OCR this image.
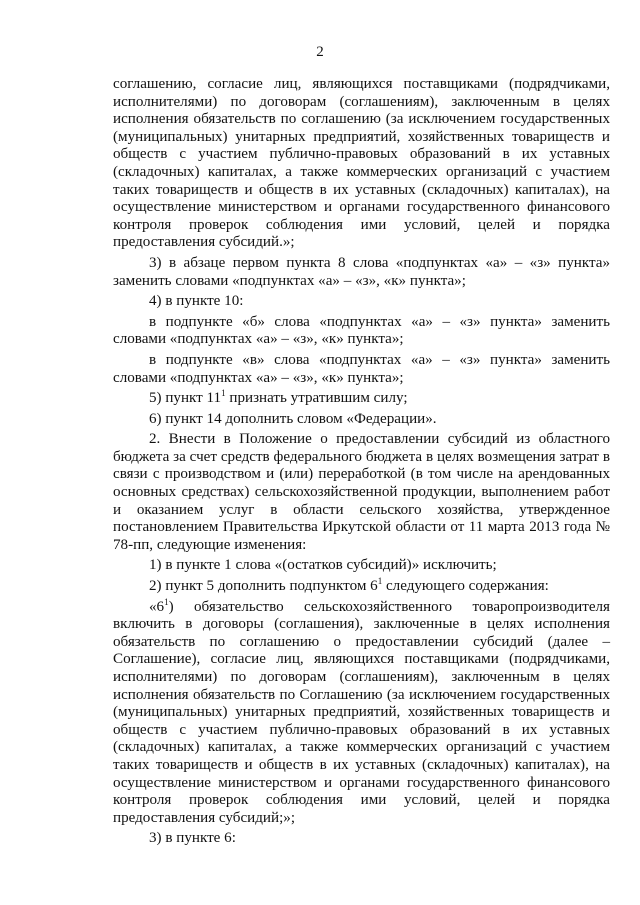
2

соглашению, согласие лиц, являющихся поставщиками (подрядчиками, исполнителями) по договорам (соглашениям), заключенным в целях исполнения обязательств по соглашению (за исключением государственных (муниципальных) унитарных предприятий, хозяйственных товариществ и обществ с участием публично-правовых образований в их уставных (складочных) капиталах, а также коммерческих организаций с участием таких товариществ и обществ в их уставных (складочных) капиталах), на осуществление министерством и органами государственного финансового контроля проверок соблюдения ими условий, целей и порядка предоставления субсидий.»;

3) в абзаце первом пункта 8 слова «подпунктах «а» – «з» пункта» заменить словами «подпунктах «а» – «з», «к» пункта»;

4) в пункте 10:

в подпункте «б» слова «подпунктах «а» – «з» пункта» заменить словами «подпунктах «а» – «з», «к» пункта»;

в подпункте «в» слова «подпунктах «а» – «з» пункта» заменить словами «подпунктах «а» – «з», «к» пункта»;

5) пункт $11^1$ признать утратившим силу;

6) пункт 14 дополнить словом «Федерации».

2. Внести в Положение о предоставлении субсидий из областного бюджета за счет средств федерального бюджета в целях возмещения затрат в связи с производством и (или) переработкой (в том числе на арендованных основных средствах) сельскохозяйственной продукции, выполнением работ и оказанием услуг в области сельского хозяйства, утвержденное постановлением Правительства Иркутской области от 11 марта 2013 года № 78-пп, следующие изменения:

1) в пункте 1 слова «(остатков субсидий)» исключить;

2) пункт 5 дополнить подпунктом $6^1$ следующего содержания:

«$6^1$) обязательство сельскохозяйственного товаропроизводителя включить в договоры (соглашения), заключенные в целях исполнения обязательств по соглашению о предоставлении субсидий (далее – Соглашение), согласие лиц, являющихся поставщиками (подрядчиками, исполнителями) по договорам (соглашениям), заключенным в целях исполнения обязательств по Соглашению (за исключением государственных (муниципальных) унитарных предприятий, хозяйственных товариществ и обществ с участием публично-правовых образований в их уставных (складочных) капиталах, а также коммерческих организаций с участием таких товариществ и обществ в их уставных (складочных) капиталах), на осуществление министерством и органами государственного финансового контроля проверок соблюдения ими условий, целей и порядка предоставления субсидий;»;

3) в пункте 6:
